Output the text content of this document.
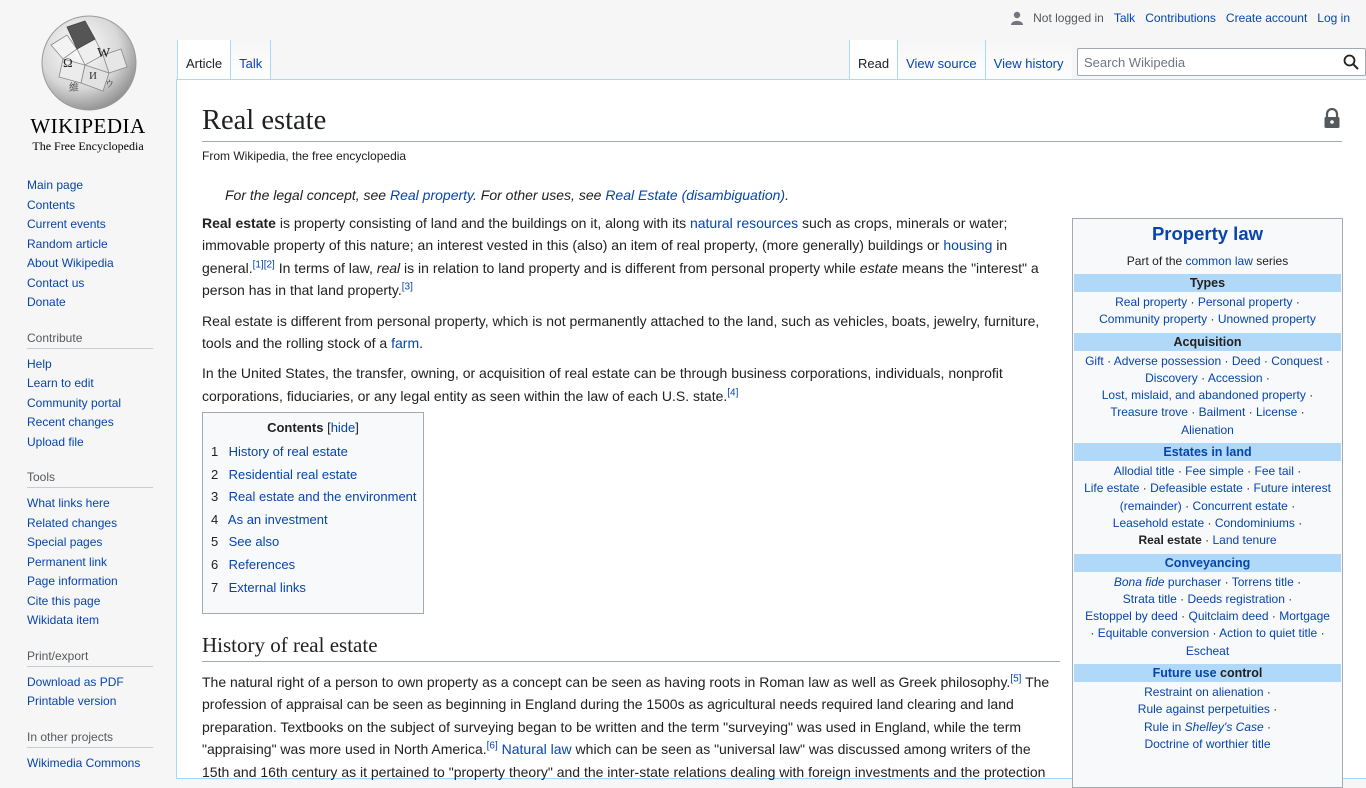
Not logged in Talk Contributions Create account Log in
W
Ω
И
維	ウ
WIKIPEDIA
The Free Encyclopedia
Main page
Contents
Current events
Random article
About Wikipedia
Contact us
Donate
Contribute
Help
Learn to edit
Community portal
Recent changes
Upload file
Tools
What links here
Related changes
Special pages
Permanent link
Page information
Cite this page
Wikidata item
Print/export
Download as PDF
Printable version
In other projects
Wikimedia Commons
Article	Talk	Read	View source	View history
Search Wikipedia
Real estate
From Wikipedia, the free encyclopedia
For the legal concept, see Real property. For other uses, see Real Estate (disambiguation).

Real estate is property consisting of land and the buildings on it, along with its natural resources such as crops, minerals or water; immovable property of this nature; an interest vested in this (also) an item of real property, (more generally) buildings or housing in general.[1][2] In terms of law, real is in relation to land property and is different from personal property while estate means the "interest" a person has in that land property.[3]

Real estate is different from personal property, which is not permanently attached to the land, such as vehicles, boats, jewelry, furniture, tools and the rolling stock of a farm.

In the United States, the transfer, owning, or acquisition of real estate can be through business corporations, individuals, nonprofit corporations, fiduciaries, or any legal entity as seen within the law of each U.S. state.[4]

Contents [hide]
1 History of real estate
2 Residential real estate
3 Real estate and the environment
4 As an investment
5 See also
6 References
7 External links
History of real estate

The natural right of a person to own property as a concept can be seen as having roots in Roman law as well as Greek philosophy.[5] The profession of appraisal can be seen as beginning in England during the 1500s as agricultural needs required land clearing and land preparation. Textbooks on the subject of surveying began to be written and the term "surveying" was used in England, while the term "appraising" was more used in North America.[6] Natural law which can be seen as "universal law" was discussed among writers of the 15th and 16th century as it pertained to "property theory" and the inter-state relations dealing with foreign investments and the protection

Property law
Part of the common law series
Types
Real property · Personal property ·
Community property · Unowned property
Acquisition
Gift · Adverse possession · Deed · Conquest ·
Discovery · Accession ·
Lost, mislaid, and abandoned property ·
Treasure trove · Bailment · License ·
Alienation
Estates in land
Allodial title · Fee simple · Fee tail ·
Life estate · Defeasible estate · Future interest (remainder) · Concurrent estate ·
Leasehold estate · Condominiums ·
Real estate · Land tenure
Conveyancing
Bona fide purchaser · Torrens title ·
Strata title · Deeds registration ·
Estoppel by deed · Quitclaim deed · Mortgage
· Equitable conversion · Action to quiet title ·
Escheat
Future use control
Restraint on alienation ·
Rule against perpetuities ·
Rule in Shelley's Case ·
Doctrine of worthier title
